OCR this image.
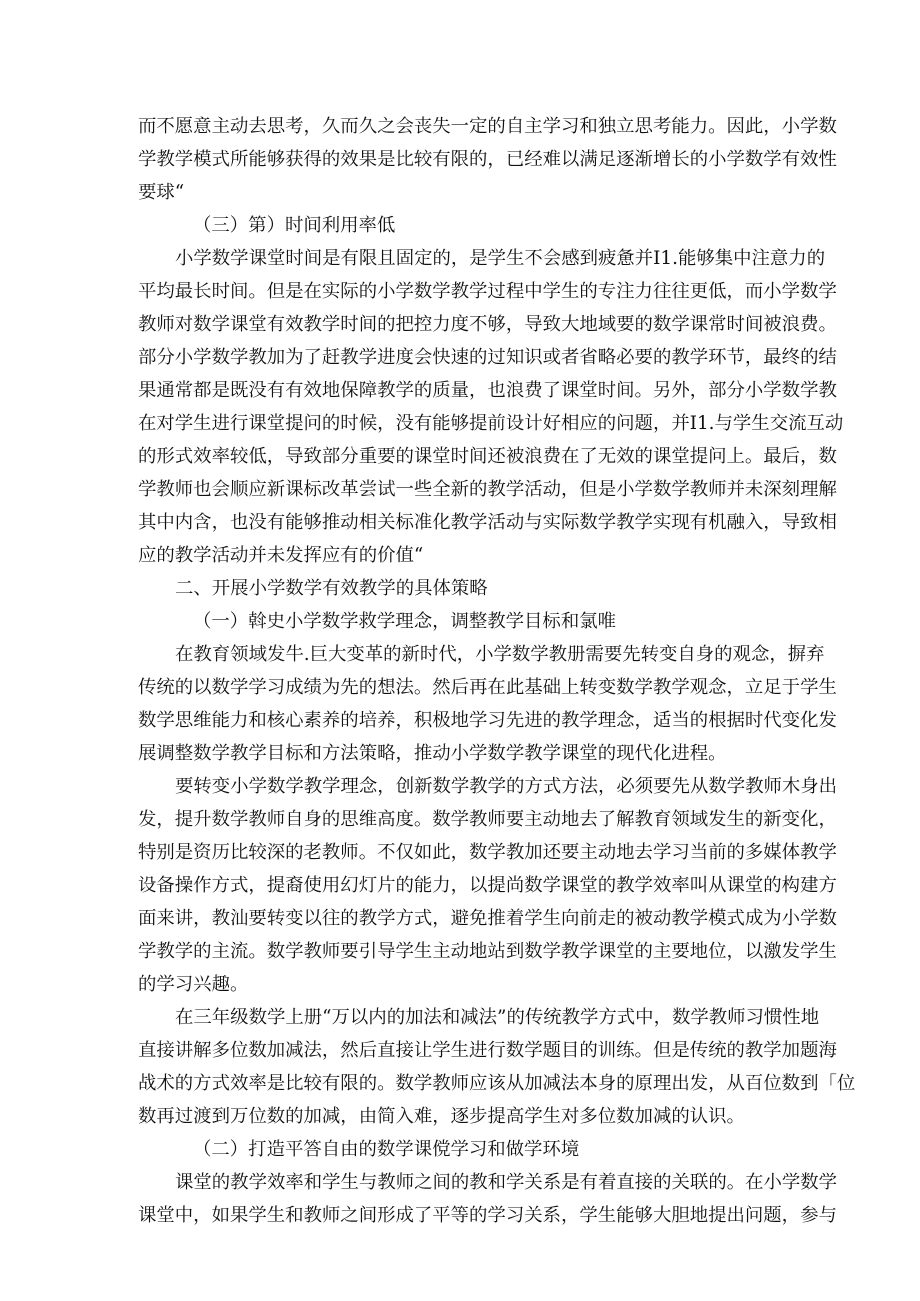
而不愿意主动去思考，久而久之会丧失一定的自主学习和独立思考能力。因此，小学数
学教学模式所能够获得的效果是比较有限的，已经难以满足逐渐增长的小学数学有效性
要球“
（三）第）时间利用率低
小学数学课堂时间是有限且固定的，是学生不会感到疲惫并I1.能够集中注意力的
平均最长时间。但是在实际的小学数学教学过程中学生的专注力往往更低，而小学数学
教师对数学课堂有效教学时间的把控力度不够，导致大地域要的数学课常时间被浪费。
部分小学数学教加为了赶教学进度会快速的过知识或者省略必要的教学环节，最终的结
果通常都是既没有有效地保障教学的质量，也浪费了课堂时间。另外，部分小学数学教
在对学生进行课堂提问的时候，没有能够提前设计好相应的问题，并I1.与学生交流互动
的形式效率较低，导致部分重要的课堂时间还被浪费在了无效的课堂提问上。最后，数
学教师也会顺应新课标改革尝试一些全新的教学活动，但是小学数学教师并未深刻理解
其中内含，也没有能够推动相关标准化教学活动与实际数学教学实现有机融入，导致相
应的教学活动并未发挥应有的价值“
二、开展小学数学有效教学的具体策略
（一）斡史小学数学救学理念，调整教学目标和氯唯
在教育领域发牛.巨大变革的新时代，小学数学教册需要先转变自身的观念，摒弃
传统的以数学学习成绩为先的想法。然后再在此基础上转变数学教学观念，立足于学生
数学思维能力和核心素养的培养，积极地学习先进的教学理念，适当的根据时代变化发
展调整数学教学目标和方法策略，推动小学数学教学课堂的现代化进程。
要转变小学数学教学理念，创新数学教学的方式方法，必须要先从数学教师木身出
发，提升数学教师自身的思维高度。数学教师要主动地去了解教育领域发生的新变化，
特别是资历比较深的老教师。不仅如此，数学教加还要主动地去学习当前的多媒体教学
设备操作方式，提裔使用幻灯片的能力，以提尚数学课堂的教学效率叫从课堂的构建方
面来讲，教汕要转变以往的教学方式，避免推着学生向前走的被动教学模式成为小学数
学教学的主流。数学教师要引导学生主动地站到数学教学课堂的主要地位，以激发学生
的学习兴趣。
在三年级数学上册“万以内的加法和减法”的传统教学方式中，数学教师习惯性地
直接讲解多位数加减法，然后直接让学生进行数学题目的训练。但是传统的教学加题海
战术的方式效率是比较有限的。数学教师应该从加减法本身的原理出发，从百位数到「位
数再过渡到万位数的加减，由简入难，逐步提高学生对多位数加减的认识。
（二）打造平答自由的数学课傥学习和做学环境
课堂的教学效率和学生与教师之间的教和学关系是有着直接的关联的。在小学数学
课堂中，如果学生和教师之间形成了平等的学习关系，学生能够大胆地提出问题，参与
